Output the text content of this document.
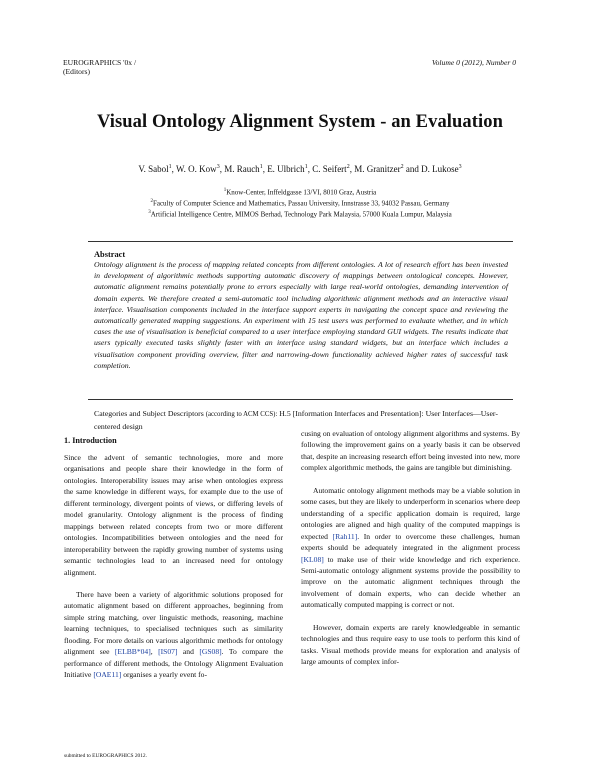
EUROGRAPHICS '0x /
(Editors)
Volume 0 (2012), Number 0
Visual Ontology Alignment System - an Evaluation
V. Sabol$^1$, W. O. Kow$^3$, M. Rauch$^1$, E. Ulbrich$^1$, C. Seifert$^2$, M. Granitzer$^2$ and D. Lukose$^3$
$^1$Know-Center, Inffeldgasse 13/VI, 8010 Graz, Austria
$^2$Faculty of Computer Science and Mathematics, Passau University, Innstrasse 33, 94032 Passau, Germany
$^3$Artificial Intelligence Centre, MIMOS Berhad, Technology Park Malaysia, 57000 Kuala Lumpur, Malaysia
Abstract
Ontology alignment is the process of mapping related concepts from different ontologies. A lot of research effort has been invested in development of algorithmic methods supporting automatic discovery of mappings between ontological concepts. However, automatic alignment remains potentially prone to errors especially with large real-world ontologies, demanding intervention of domain experts. We therefore created a semi-automatic tool including algorithmic alignment methods and an interactive visual interface. Visualisation components included in the interface support experts in navigating the concept space and reviewing the automatically generated mapping suggestions. An experiment with 15 test users was performed to evaluate whether, and in which cases the use of visualisation is beneficial compared to a user interface employing standard GUI widgets. The results indicate that users typically executed tasks slightly faster with an interface using standard widgets, but an interface which includes a visualisation component providing overview, filter and narrowing-down functionality achieved higher rates of successful task completion.
Categories and Subject Descriptors (according to ACM CCS): H.5 [Information Interfaces and Presentation]: User Interfaces—User-centered design
1. Introduction

Since the advent of semantic technologies, more and more organisations and people share their knowledge in the form of ontologies. Interoperability issues may arise when ontologies express the same knowledge in different ways, for example due to the use of different terminology, divergent points of views, or differing levels of model granularity. Ontology alignment is the process of finding mappings between related concepts from two or more different ontologies. Incompatibilities between ontologies and the need for interoperability between the rapidly growing number of systems using semantic technologies lead to an increased need for ontology alignment.

There have been a variety of algorithmic solutions proposed for automatic alignment based on different approaches, beginning from simple string matching, over linguistic methods, reasoning, machine learning techniques, to specialised techniques such as similarity flooding. For more details on various algorithmic methods for ontology alignment see [ELBB*04], [IS07] and [GS08]. To compare the performance of different methods, the Ontology Alignment Evaluation Initiative [OAE11] organises a yearly event fo-

cusing on evaluation of ontology alignment algorithms and systems. By following the improvement gains on a yearly basis it can be observed that, despite an increasing research effort being invested into new, more complex algorithmic methods, the gains are tangible but diminishing.

Automatic ontology alignment methods may be a viable solution in some cases, but they are likely to underperform in scenarios where deep understanding of a specific application domain is required, large ontologies are aligned and high quality of the computed mappings is expected [Rah11]. In order to overcome these challenges, human experts should be adequately integrated in the alignment process [KL08] to make use of their wide knowledge and rich experience. Semi-automatic ontology alignment systems provide the possibility to improve on the automatic alignment techniques through the involvement of domain experts, who can decide whether an automatically computed mapping is correct or not.

However, domain experts are rarely knowledgeable in semantic technologies and thus require easy to use tools to perform this kind of tasks. Visual methods provide means for exploration and analysis of large amounts of complex infor-

submitted to EUROGRAPHICS 2012.
